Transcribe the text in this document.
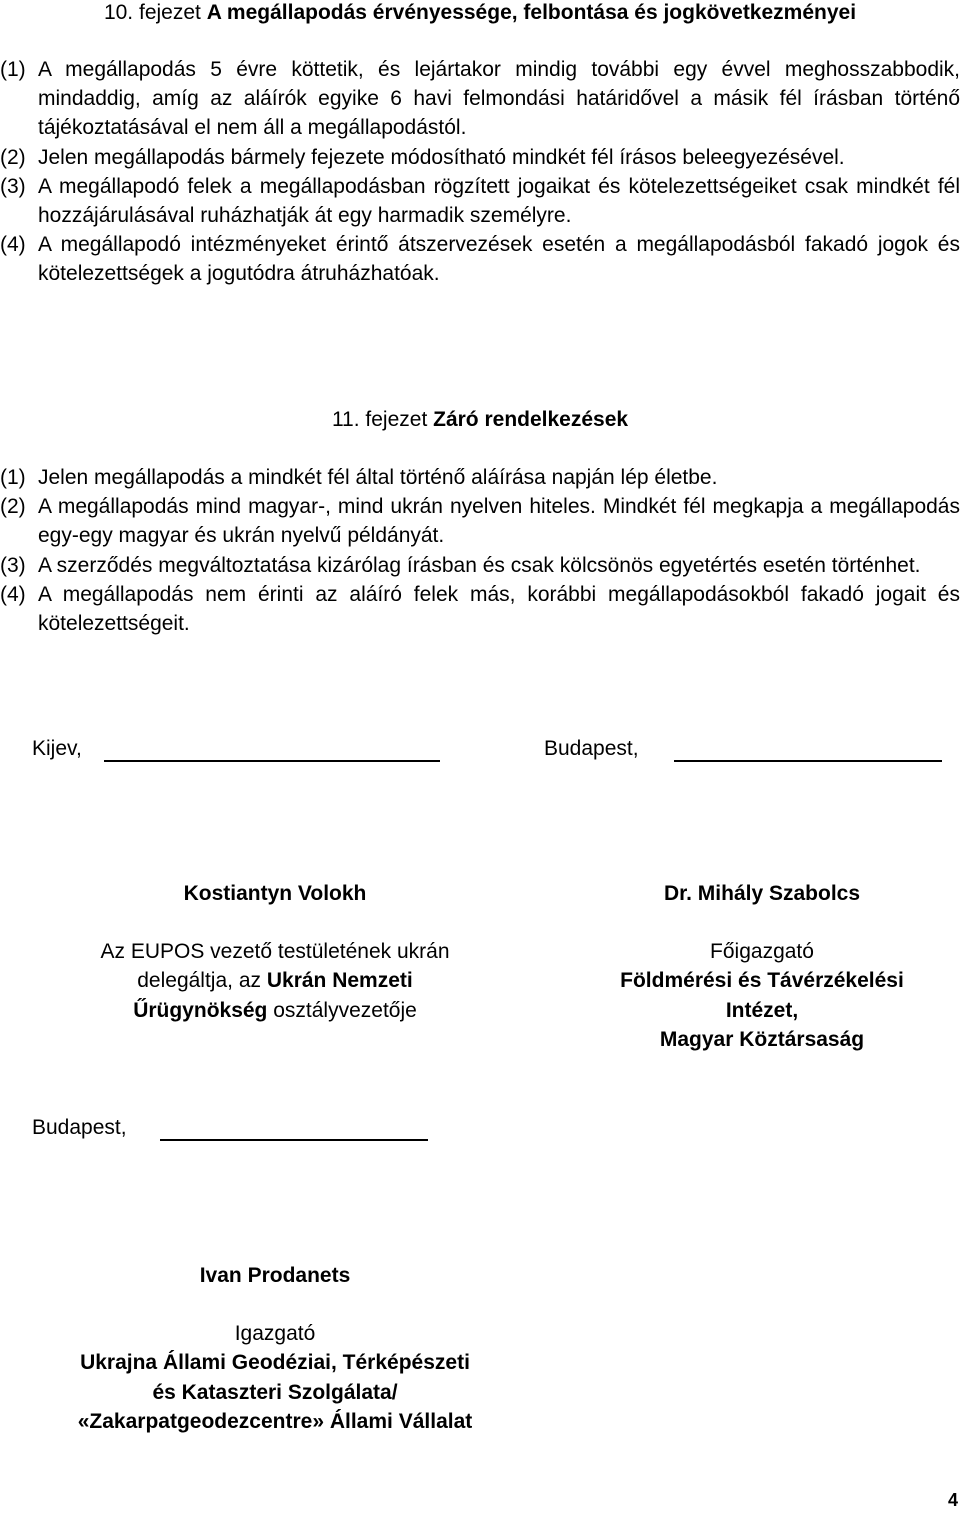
10. fejezet A megállapodás érvényessége, felbontása és jogkövetkezményei
(1) A megállapodás 5 évre köttetik, és lejártakor mindig további egy évvel meghosszabbodik, mindaddig, amíg az aláírók egyike 6 havi felmondási határidővel a másik fél írásban történő tájékoztatásával el nem áll a megállapodástól.
(2) Jelen megállapodás bármely fejezete módosítható mindkét fél írásos beleegyezésével.
(3) A megállapodó felek a megállapodásban rögzített jogaikat és kötelezettségeiket csak mindkét fél hozzájárulásával ruházhatják át egy harmadik személyre.
(4) A megállapodó intézményeket érintő átszervezések esetén a megállapodásból fakadó jogok és kötelezettségek a jogutódra átruházhatóak.
11. fejezet Záró rendelkezések
(1) Jelen megállapodás a mindkét fél által történő aláírása napján lép életbe.
(2) A megállapodás mind magyar-, mind ukrán nyelven hiteles. Mindkét fél megkapja a megállapodás egy-egy magyar és ukrán nyelvű példányát.
(3) A szerződés megváltoztatása kizárólag írásban és csak kölcsönös egyetértés esetén történhet.
(4) A megállapodás nem érinti az aláíró felek más, korábbi megállapodásokból fakadó jogait és kötelezettségeit.
Kijev,	Budapest,
Kostiantyn Volokh
Az EUPOS vezető testületének ukrán
delegáltja, az Ukrán Nemzeti
Űrügynökség osztályvezetője
Dr. Mihály Szabolcs
Főigazgató
Földmérési és Távérzékelési
Intézet,
Magyar Köztársaság
Budapest,
Ivan Prodanets
Igazgató
Ukrajna Állami Geodéziai, Térképészeti
és Kataszteri Szolgálata/
«Zakarpatgeodezcentre» Állami Vállalat
4
